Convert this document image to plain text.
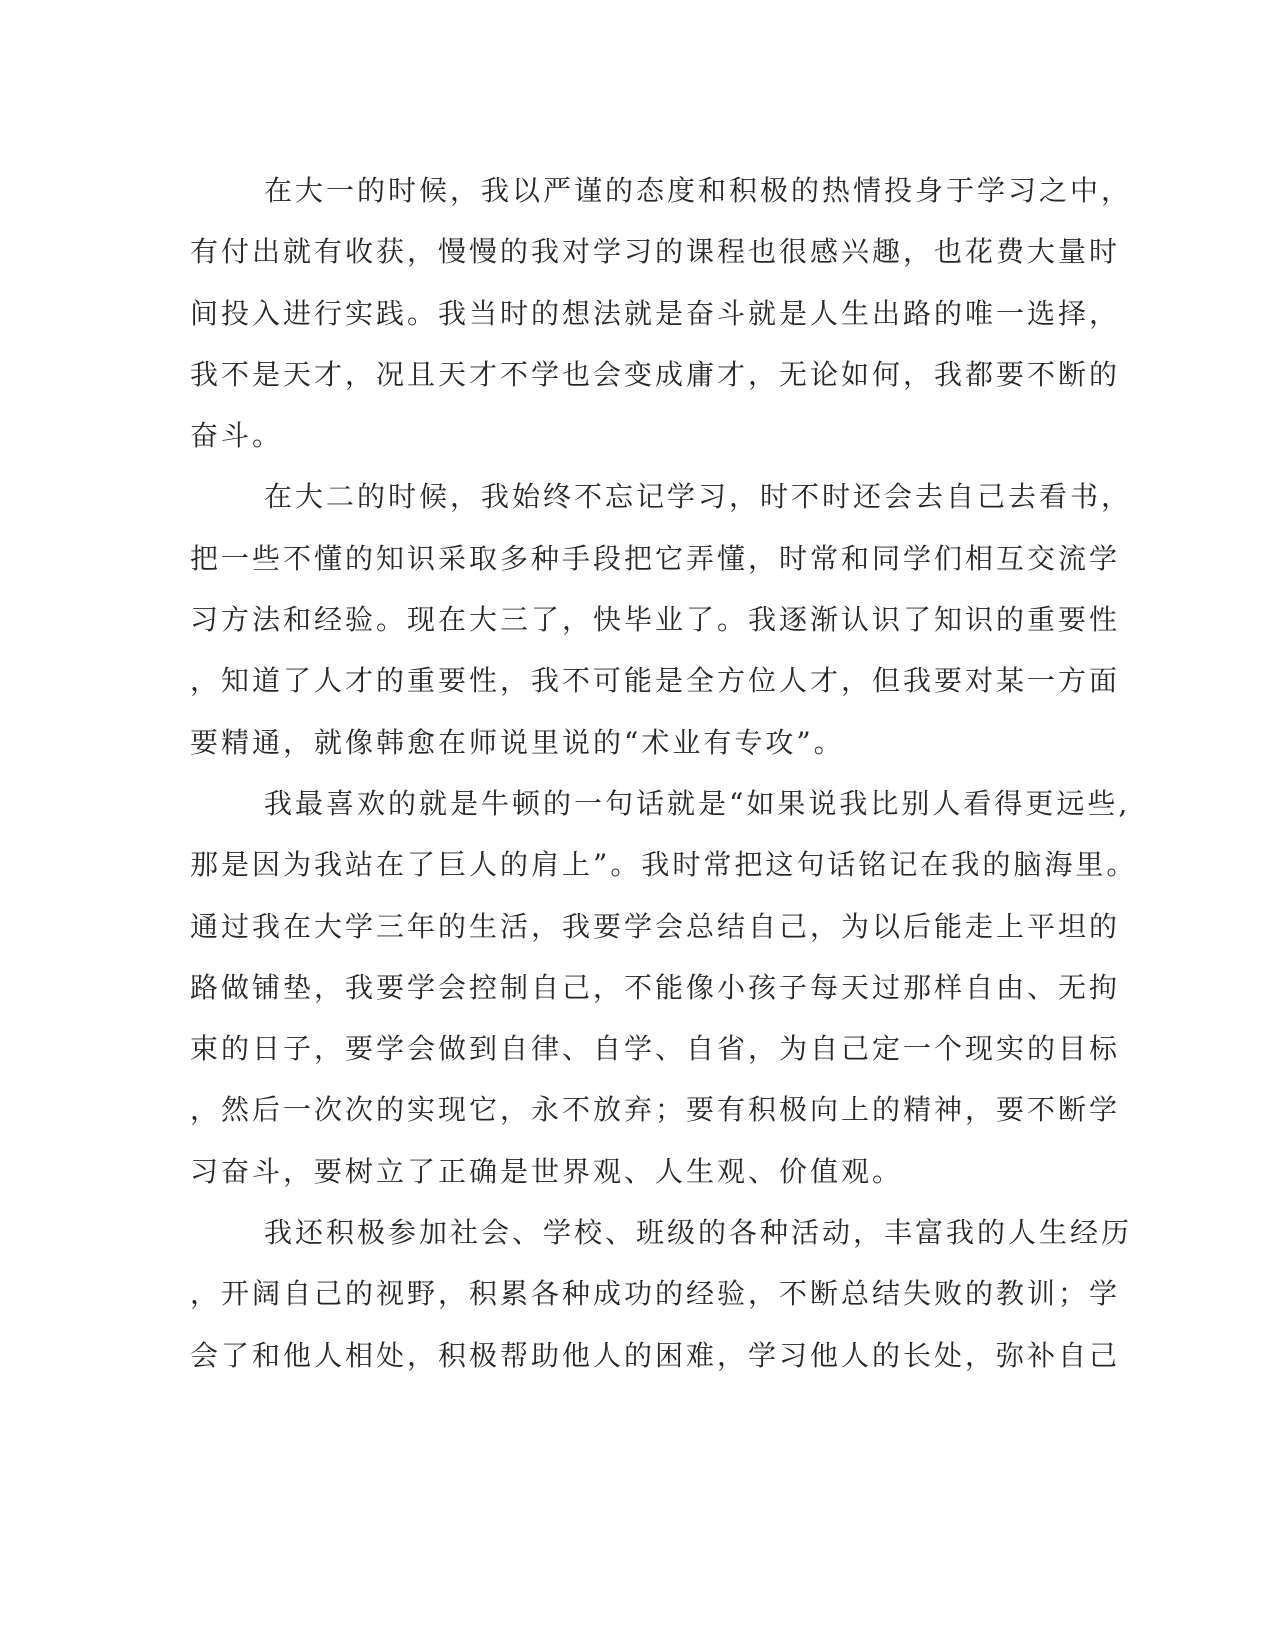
在大一的时候，我以严谨的态度和积极的热情投身于学习之中，

有付出就有收获，慢慢的我对学习的课程也很感兴趣，也花费大量时

间投入进行实践。我当时的想法就是奋斗就是人生出路的唯一选择，

我不是天才，况且天才不学也会变成庸才，无论如何，我都要不断的

奋斗。

在大二的时候，我始终不忘记学习，时不时还会去自己去看书，

把一些不懂的知识采取多种手段把它弄懂，时常和同学们相互交流学

习方法和经验。现在大三了，快毕业了。我逐渐认识了知识的重要性

，知道了人才的重要性，我不可能是全方位人才，但我要对某一方面

要精通，就像韩愈在师说里说的“术业有专攻”。

我最喜欢的就是牛顿的一句话就是“如果说我比别人看得更远些,

那是因为我站在了巨人的肩上”。我时常把这句话铭记在我的脑海里。

通过我在大学三年的生活，我要学会总结自己，为以后能走上平坦的

路做铺垫，我要学会控制自己，不能像小孩子每天过那样自由、无拘

束的日子，要学会做到自律、自学、自省，为自己定一个现实的目标

，然后一次次的实现它，永不放弃；要有积极向上的精神，要不断学

习奋斗，要树立了正确是世界观、人生观、价值观。

我还积极参加社会、学校、班级的各种活动，丰富我的人生经历

，开阔自己的视野，积累各种成功的经验，不断总结失败的教训；学

会了和他人相处，积极帮助他人的困难，学习他人的长处，弥补自己
